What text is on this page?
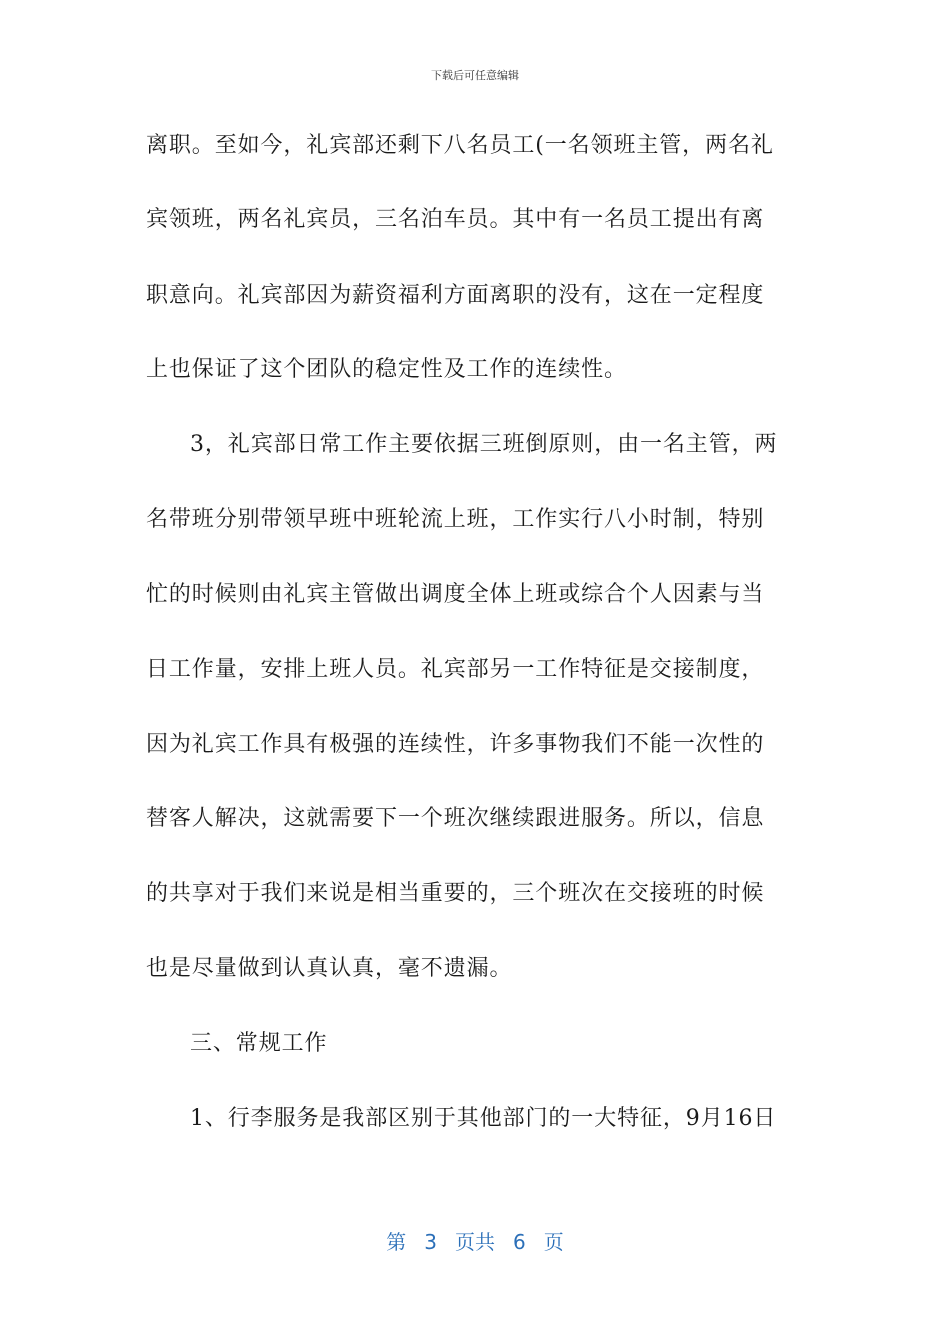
下载后可任意编辑
离职。至如今，礼宾部还剩下八名员工(一名领班主管，两名礼
宾领班，两名礼宾员，三名泊车员。其中有一名员工提出有离
职意向。礼宾部因为薪资福利方面离职的没有，这在一定程度
上也保证了这个团队的稳定性及工作的连续性。
3，礼宾部日常工作主要依据三班倒原则，由一名主管，两
名带班分别带领早班中班轮流上班，工作实行八小时制，特别
忙的时候则由礼宾主管做出调度全体上班或综合个人因素与当
日工作量，安排上班人员。礼宾部另一工作特征是交接制度，
因为礼宾工作具有极强的连续性，许多事物我们不能一次性的
替客人解决，这就需要下一个班次继续跟进服务。所以，信息
的共享对于我们来说是相当重要的，三个班次在交接班的时候
也是尽量做到认真认真，毫不遗漏。
三、常规工作
1、行李服务是我部区别于其他部门的一大特征，9月16日
第 3 页共 6 页
